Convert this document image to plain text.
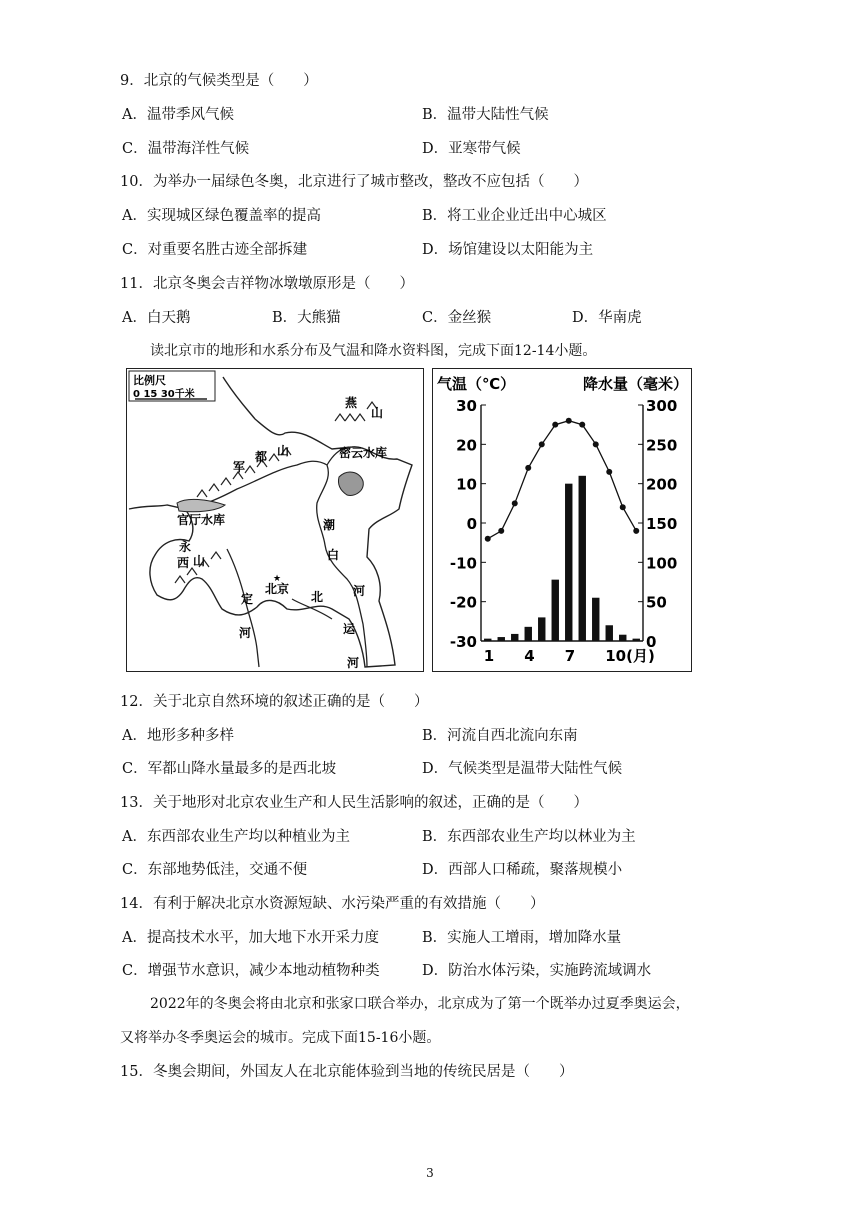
9．北京的气候类型是（　　）
A．温带季风气候	B．温带大陆性气候
C．温带海洋性气候	D．亚寒带气候
10．为举办一届绿色冬奥，北京进行了城市整改，整改不应包括（　　）
A．实现城区绿色覆盖率的提高	B．将工业企业迁出中心城区
C．对重要名胜古迹全部拆建	D．场馆建设以太阳能为主
11．北京冬奥会吉祥物冰墩墩原形是（　　）
A．白天鹅	B．大熊猫	C．金丝猴	D．华南虎
读北京市的地形和水系分布及气温和降水资料图，完成下面12-14小题。
比例尺
0 15 30千米
★
燕
山
军
都 山	密云水库
官厅水库
永
西 山
北京
定
河
潮
白
北 河
运
河
气温（℃）	降水量（毫米）
30	300
20	250
10	200
0	150
-10	100
-20	50
-30	0
1 4 7 10(月)
12．关于北京自然环境的叙述正确的是（　　）
A．地形多种多样	B．河流自西北流向东南
C．军都山降水量最多的是西北坡	D．气候类型是温带大陆性气候
13．关于地形对北京农业生产和人民生活影响的叙述，正确的是（　　）
A．东西部农业生产均以种植业为主	B．东西部农业生产均以林业为主
C．东部地势低洼，交通不便	D．西部人口稀疏，聚落规模小
14．有利于解决北京水资源短缺、水污染严重的有效措施（　　）
A．提高技术水平，加大地下水开采力度	B．实施人工增雨，增加降水量
C．增强节水意识，减少本地动植物种类	D．防治水体污染，实施跨流域调水
2022年的冬奥会将由北京和张家口联合举办，北京成为了第一个既举办过夏季奥运会，
又将举办冬季奥运会的城市。完成下面15-16小题。
15．冬奥会期间，外国友人在北京能体验到当地的传统民居是（　　）
3
